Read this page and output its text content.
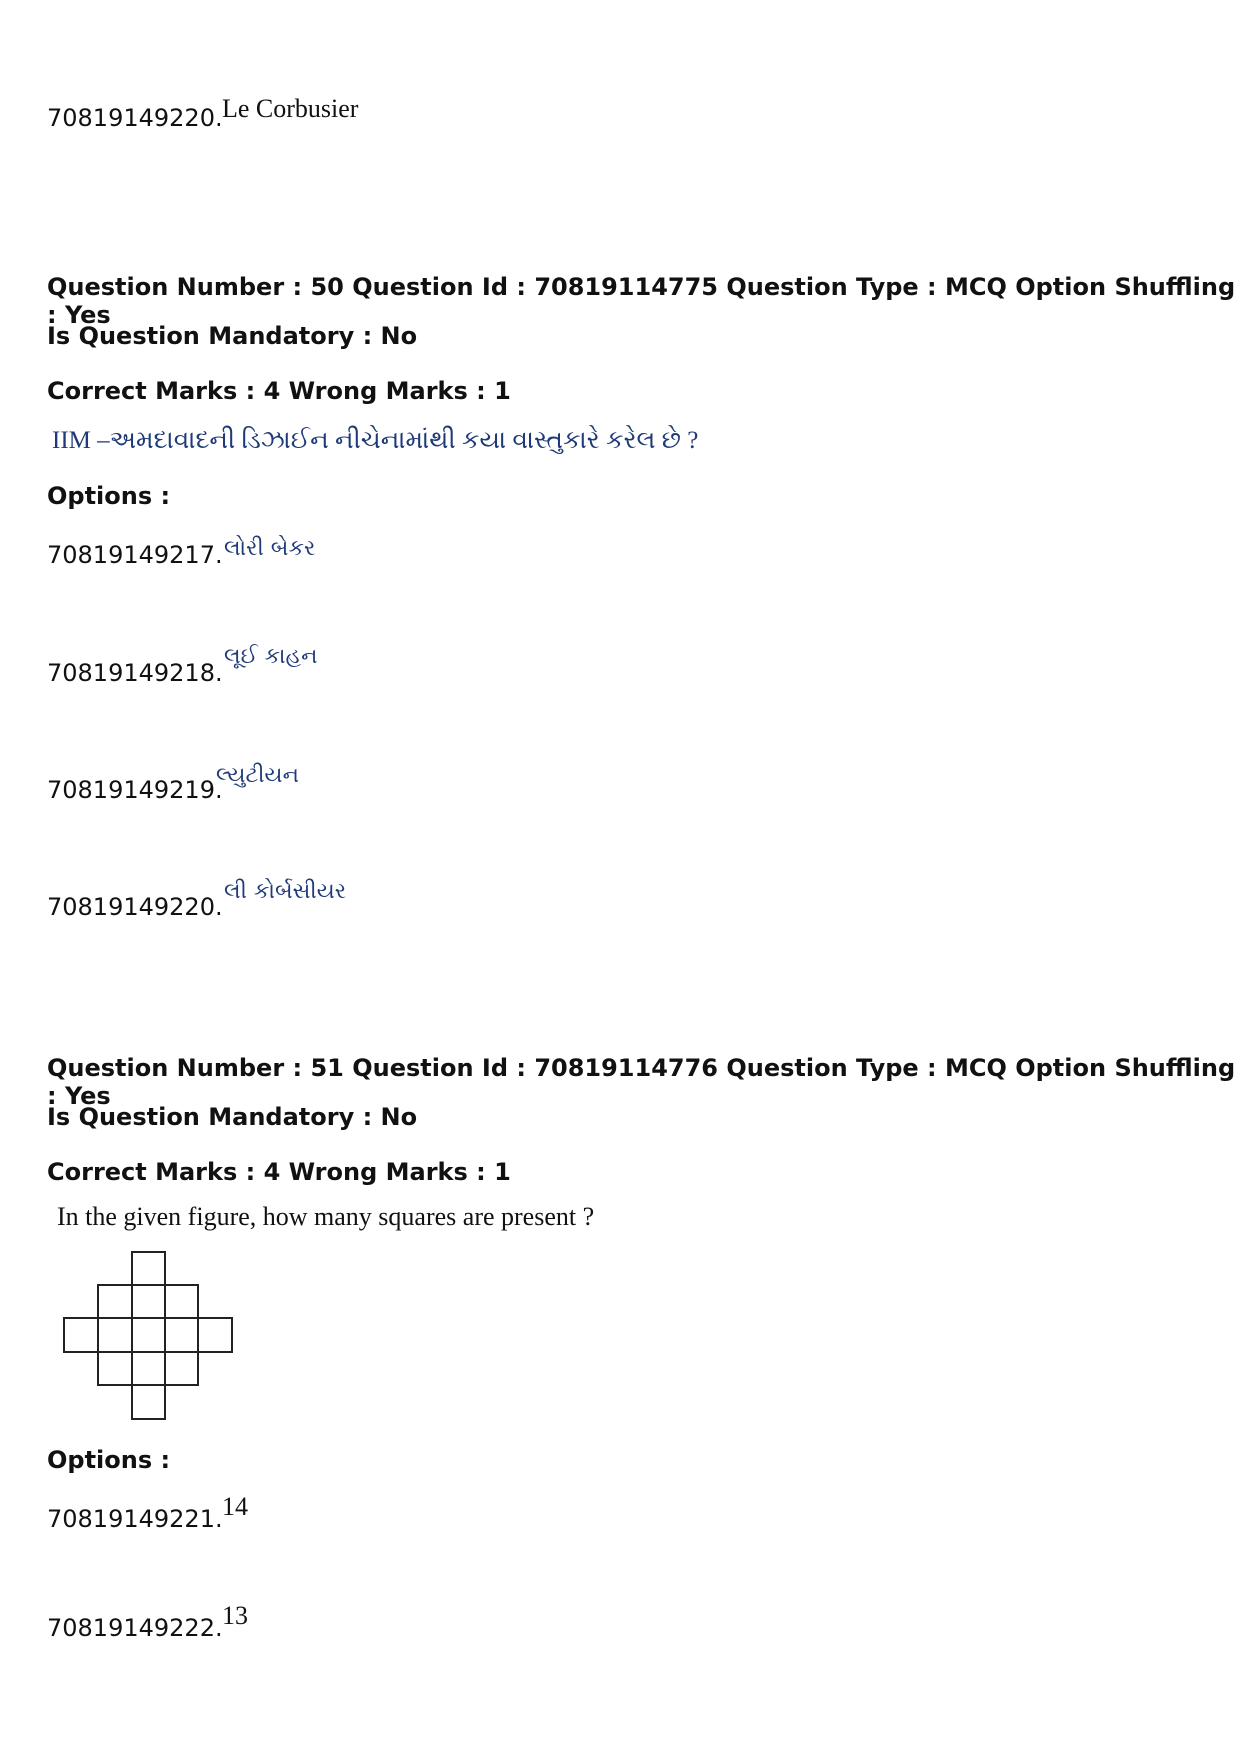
70819149220. Le Corbusier
Question Number : 50 Question Id : 70819114775 Question Type : MCQ Option Shuffling : Yes
Is Question Mandatory : No
Correct Marks : 4 Wrong Marks : 1
IIM –અમદાવાદની ડિઝાઈન નીચેનામાંથી કયા વાસ્તુકારે કરેલ છે ?
Options :
70819149217. લોરી બેકર
70819149218.
લૂઈ કાહન
70819149219.
લ્યુટીયન
70819149220.
લી કોર્બસીયર
Question Number : 51 Question Id : 70819114776 Question Type : MCQ Option Shuffling : Yes
Is Question Mandatory : No
Correct Marks : 4 Wrong Marks : 1
In the given figure, how many squares are present ?
Options :
70819149221. 14
70819149222. 13
